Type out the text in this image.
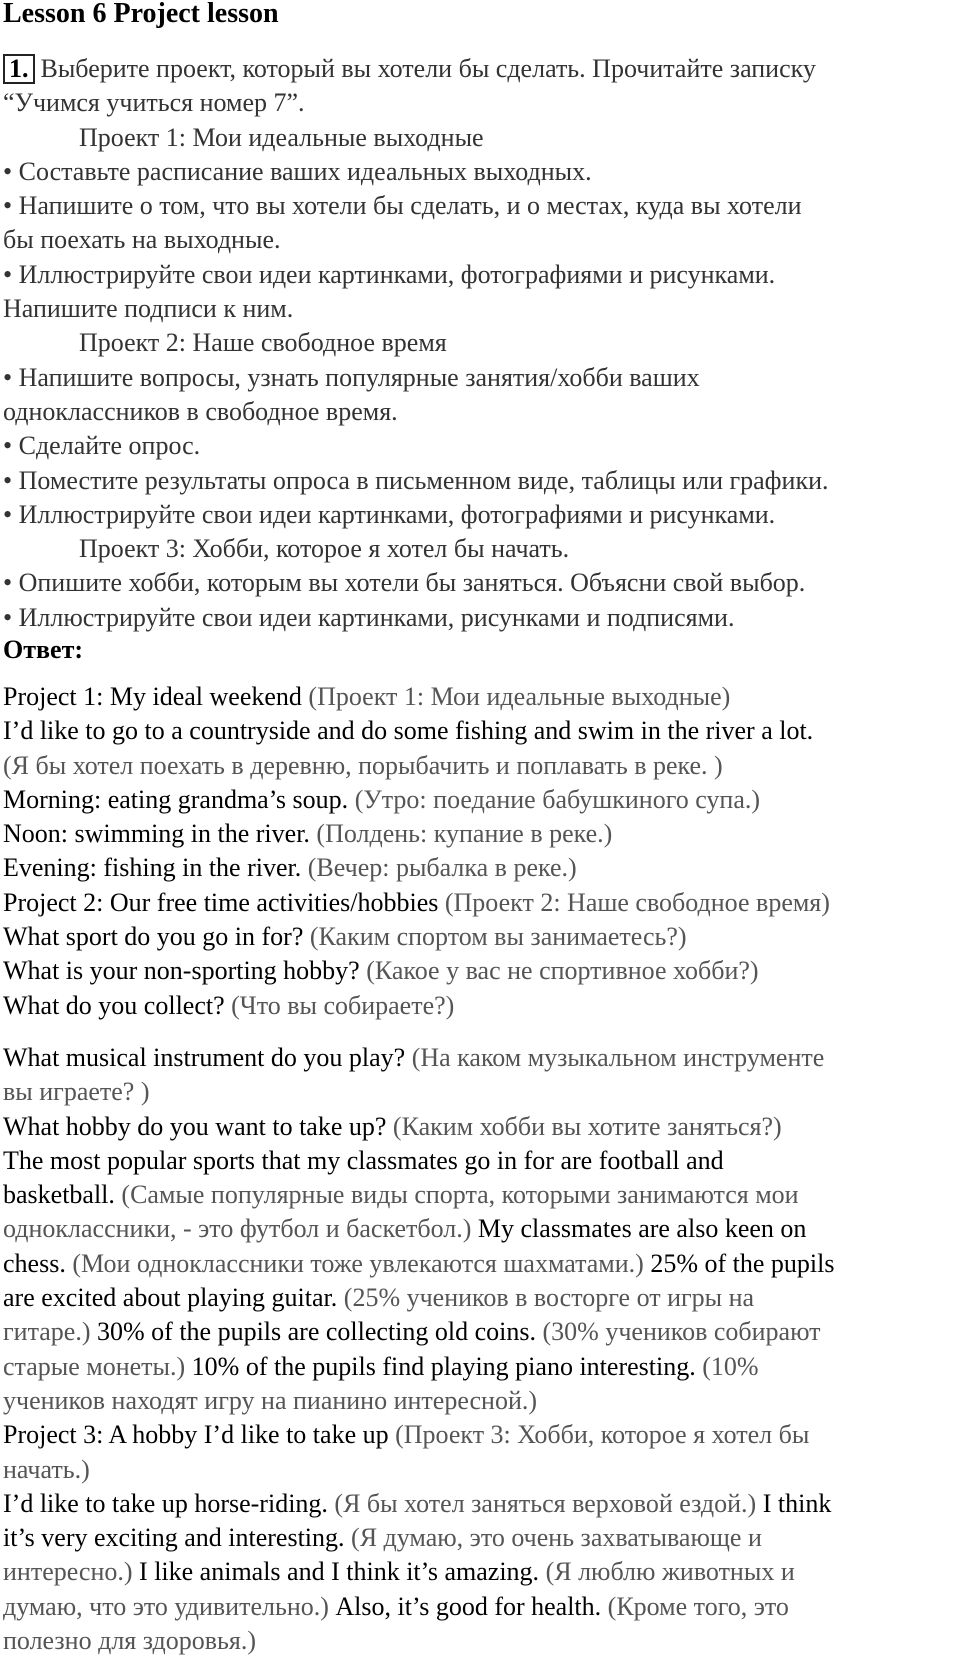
Lesson 6 Project lesson
1. Выберите проект, который вы хотели бы сделать. Прочитайте записку
“Учимся учиться номер 7”.
Проект 1: Мои идеальные выходные
• Составьте расписание ваших идеальных выходных.
• Напишите о том, что вы хотели бы сделать, и о местах, куда вы хотели
бы поехать на выходные.
• Иллюстрируйте свои идеи картинками, фотографиями и рисунками.
Напишите подписи к ним.
Проект 2: Наше свободное время
• Напишите вопросы, узнать популярные занятия/хобби ваших
одноклассников в свободное время.
• Сделайте опрос.
• Поместите результаты опроса в письменном виде, таблицы или графики.
• Иллюстрируйте свои идеи картинками, фотографиями и рисунками.
Проект 3: Хобби, которое я хотел бы начать.
• Опишите хобби, которым вы хотели бы заняться. Объясни свой выбор.
• Иллюстрируйте свои идеи картинками, рисунками и подписями.
Ответ:
Project 1: My ideal weekend (Проект 1: Мои идеальные выходные)
I’d like to go to a countryside and do some fishing and swim in the river a lot.
(Я бы хотел поехать в деревню, порыбачить и поплавать в реке. )
Morning: eating grandma’s soup. (Утро: поедание бабушкиного супа.)
Noon: swimming in the river. (Полдень: купание в реке.)
Evening: fishing in the river. (Вечер: рыбалка в реке.)
Project 2: Our free time activities/hobbies (Проект 2: Наше свободное время)
What sport do you go in for? (Каким спортом вы занимаетесь?)
What is your non-sporting hobby? (Какое у вас не спортивное хобби?)
What do you collect? (Что вы собираете?)
What musical instrument do you play? (На каком музыкальном инструменте
вы играете? )
What hobby do you want to take up? (Каким хобби вы хотите заняться?)
The most popular sports that my classmates go in for are football and
basketball. (Самые популярные виды спорта, которыми занимаются мои
одноклассники, - это футбол и баскетбол.) My classmates are also keen on
chess. (Мои одноклассники тоже увлекаются шахматами.) 25% of the pupils
are excited about playing guitar. (25% учеников в восторге от игры на
гитаре.) 30% of the pupils are collecting old coins. (30% учеников собирают
старые монеты.) 10% of the pupils find playing piano interesting. (10%
учеников находят игру на пианино интересной.)
Project 3: A hobby I’d like to take up (Проект 3: Хобби, которое я хотел бы
начать.)
I’d like to take up horse-riding. (Я бы хотел заняться верховой ездой.) I think
it’s very exciting and interesting. (Я думаю, это очень захватывающе и
интересно.) I like animals and I think it’s amazing. (Я люблю животных и
думаю, что это удивительно.) Also, it’s good for health. (Кроме того, это
полезно для здоровья.)
